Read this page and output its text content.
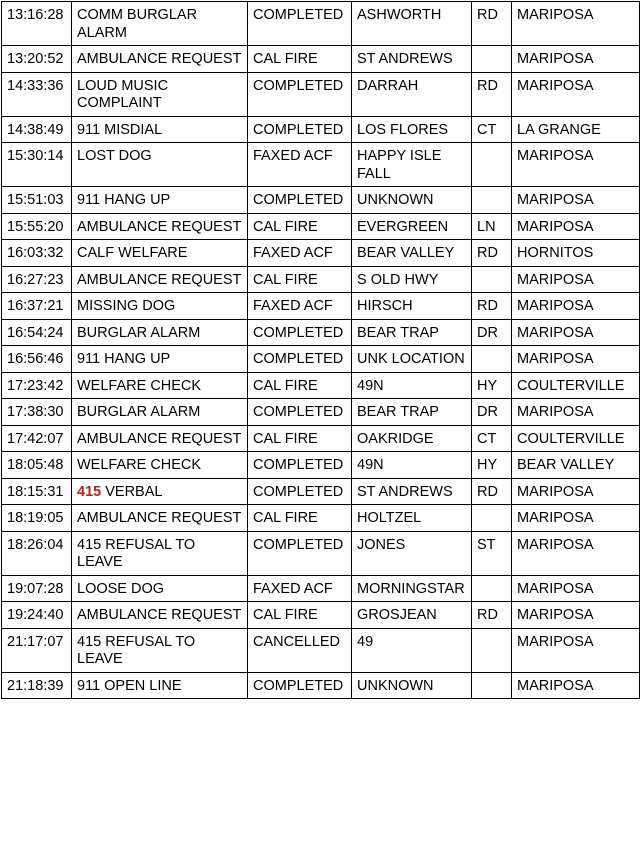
13:16:28	COMM BURGLAR ALARM	COMPLETED	ASHWORTH	RD	MARIPOSA
13:20:52	AMBULANCE REQUEST	CAL FIRE	ST ANDREWS		MARIPOSA
14:33:36	LOUD MUSIC COMPLAINT	COMPLETED	DARRAH	RD	MARIPOSA
14:38:49	911 MISDIAL	COMPLETED	LOS FLORES	CT	LA GRANGE
15:30:14	LOST DOG	FAXED ACF	HAPPY ISLE FALL		MARIPOSA
15:51:03	911 HANG UP	COMPLETED	UNKNOWN		MARIPOSA
15:55:20	AMBULANCE REQUEST	CAL FIRE	EVERGREEN	LN	MARIPOSA
16:03:32	CALF WELFARE	FAXED ACF	BEAR VALLEY	RD	HORNITOS
16:27:23	AMBULANCE REQUEST	CAL FIRE	S OLD HWY		MARIPOSA
16:37:21	MISSING DOG	FAXED ACF	HIRSCH	RD	MARIPOSA
16:54:24	BURGLAR ALARM	COMPLETED	BEAR TRAP	DR	MARIPOSA
16:56:46	911 HANG UP	COMPLETED	UNK LOCATION		MARIPOSA
17:23:42	WELFARE CHECK	CAL FIRE	49N	HY	COULTERVILLE
17:38:30	BURGLAR ALARM	COMPLETED	BEAR TRAP	DR	MARIPOSA
17:42:07	AMBULANCE REQUEST	CAL FIRE	OAKRIDGE	CT	COULTERVILLE
18:05:48	WELFARE CHECK	COMPLETED	49N	HY	BEAR VALLEY
18:15:31	415 VERBAL	COMPLETED	ST ANDREWS	RD	MARIPOSA
18:19:05	AMBULANCE REQUEST	CAL FIRE	HOLTZEL		MARIPOSA
18:26:04	415 REFUSAL TO LEAVE	COMPLETED	JONES	ST	MARIPOSA
19:07:28	LOOSE DOG	FAXED ACF	MORNINGSTAR		MARIPOSA
19:24:40	AMBULANCE REQUEST	CAL FIRE	GROSJEAN	RD	MARIPOSA
21:17:07	415 REFUSAL TO LEAVE	CANCELLED	49		MARIPOSA
21:18:39	911 OPEN LINE	COMPLETED	UNKNOWN		MARIPOSA
